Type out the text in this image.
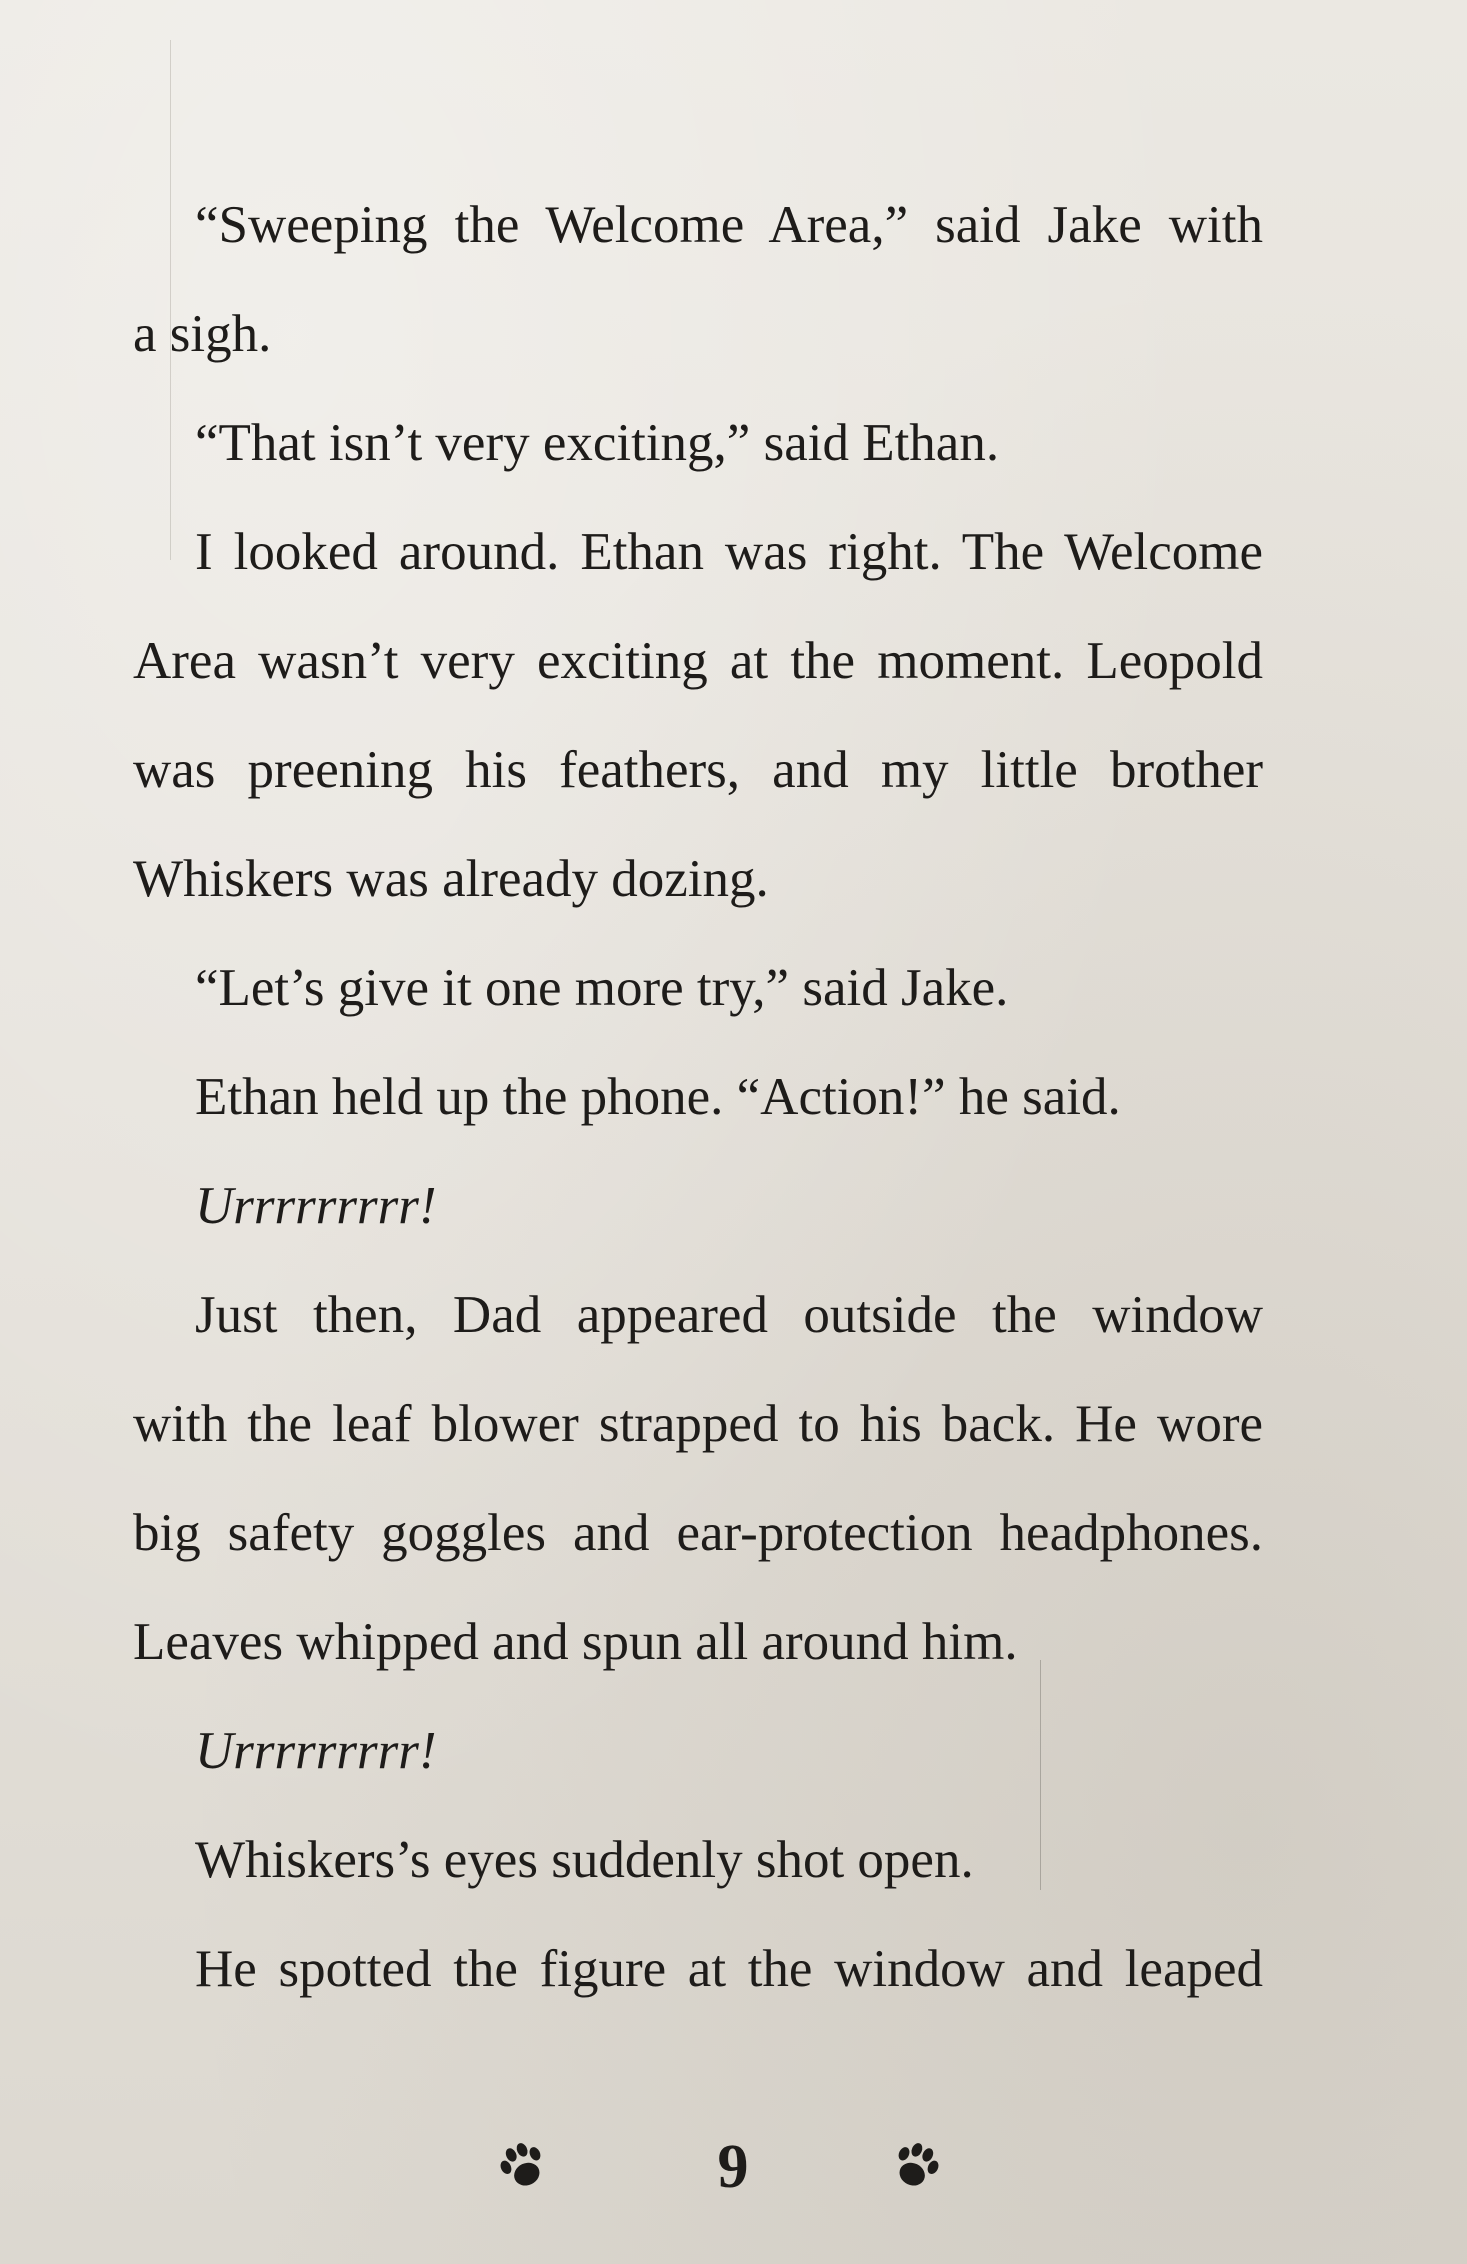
“Sweeping the Welcome Area,” said Jake with
a sigh.
“That isn’t very exciting,” said Ethan.
I looked around. Ethan was right. The Welcome
Area wasn’t very exciting at the moment. Leopold
was preening his feathers, and my little brother
Whiskers was already dozing.
“Let’s give it one more try,” said Jake.
Ethan held up the phone. “Action!” he said.
Urrrrrrrrr!
Just then, Dad appeared outside the window
with the leaf blower strapped to his back. He wore
big safety goggles and ear-protection headphones.
Leaves whipped and spun all around him.
Urrrrrrrrr!
Whiskers’s eyes suddenly shot open.
He spotted the figure at the window and leaped
9
